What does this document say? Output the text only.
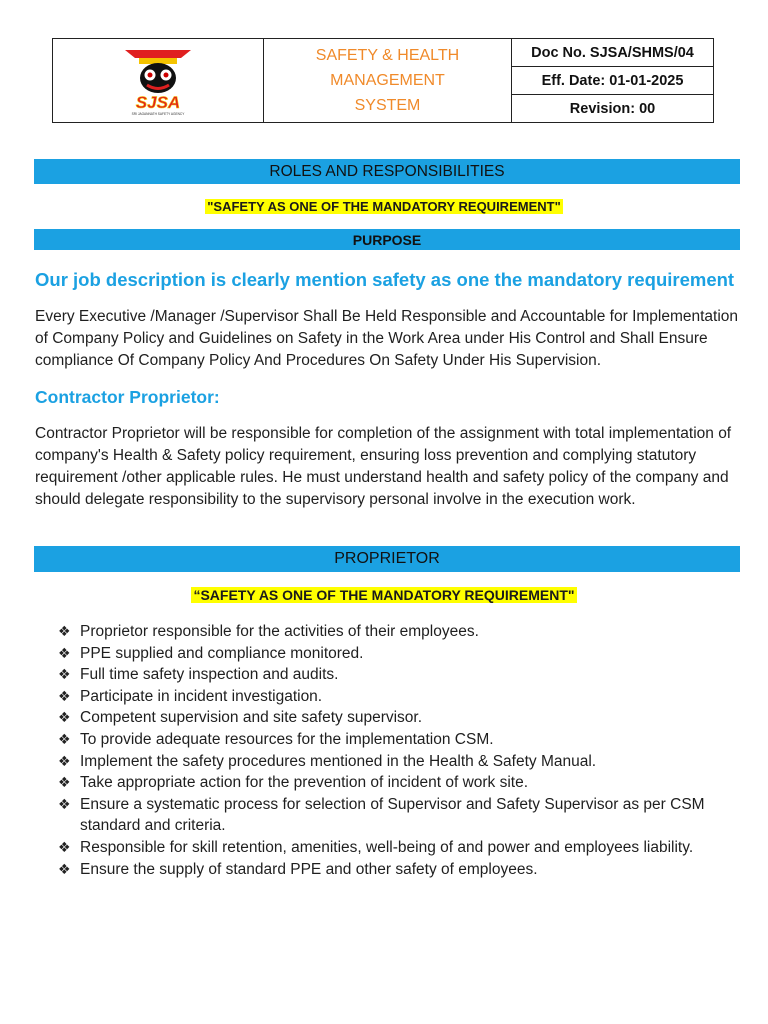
SJSA
SRI JAGANNATH SAFETY AGENCY

SAFETY & HEALTH
MANAGEMENT
SYSTEM
	Doc No. SJSA/SHMS/04
Eff. Date: 01-01-2025
Revision: 00
ROLES AND RESPONSIBILITIES
"SAFETY AS ONE OF THE MANDATORY REQUIREMENT"
PURPOSE
Our job description is clearly mention safety as one the mandatory requirement
Every Executive /Manager /Supervisor Shall Be Held Responsible and Accountable for Implementation of Company Policy and Guidelines on Safety in the Work Area under His Control and Shall Ensure compliance Of Company Policy And Procedures On Safety Under His Supervision.
Contractor Proprietor:
Contractor Proprietor will be responsible for completion of the assignment with total implementation of company's Health & Safety policy requirement, ensuring loss prevention and complying statutory requirement /other applicable rules. He must understand health and safety policy of the company and should delegate responsibility to the supervisory personal involve in the execution work.
PROPRIETOR
“SAFETY AS ONE OF THE MANDATORY REQUIREMENT"
❖ Proprietor responsible for the activities of their employees.
❖ PPE supplied and compliance monitored.
❖ Full time safety inspection and audits.
❖ Participate in incident investigation.
❖ Competent supervision and site safety supervisor.
❖ To provide adequate resources for the implementation CSM.
❖ Implement the safety procedures mentioned in the Health & Safety Manual.
❖ Take appropriate action for the prevention of incident of work site.
❖ Ensure a systematic process for selection of Supervisor and Safety Supervisor as per CSM standard and criteria.
❖ Responsible for skill retention, amenities, well-being of and power and employees liability.
❖ Ensure the supply of standard PPE and other safety of employees.
